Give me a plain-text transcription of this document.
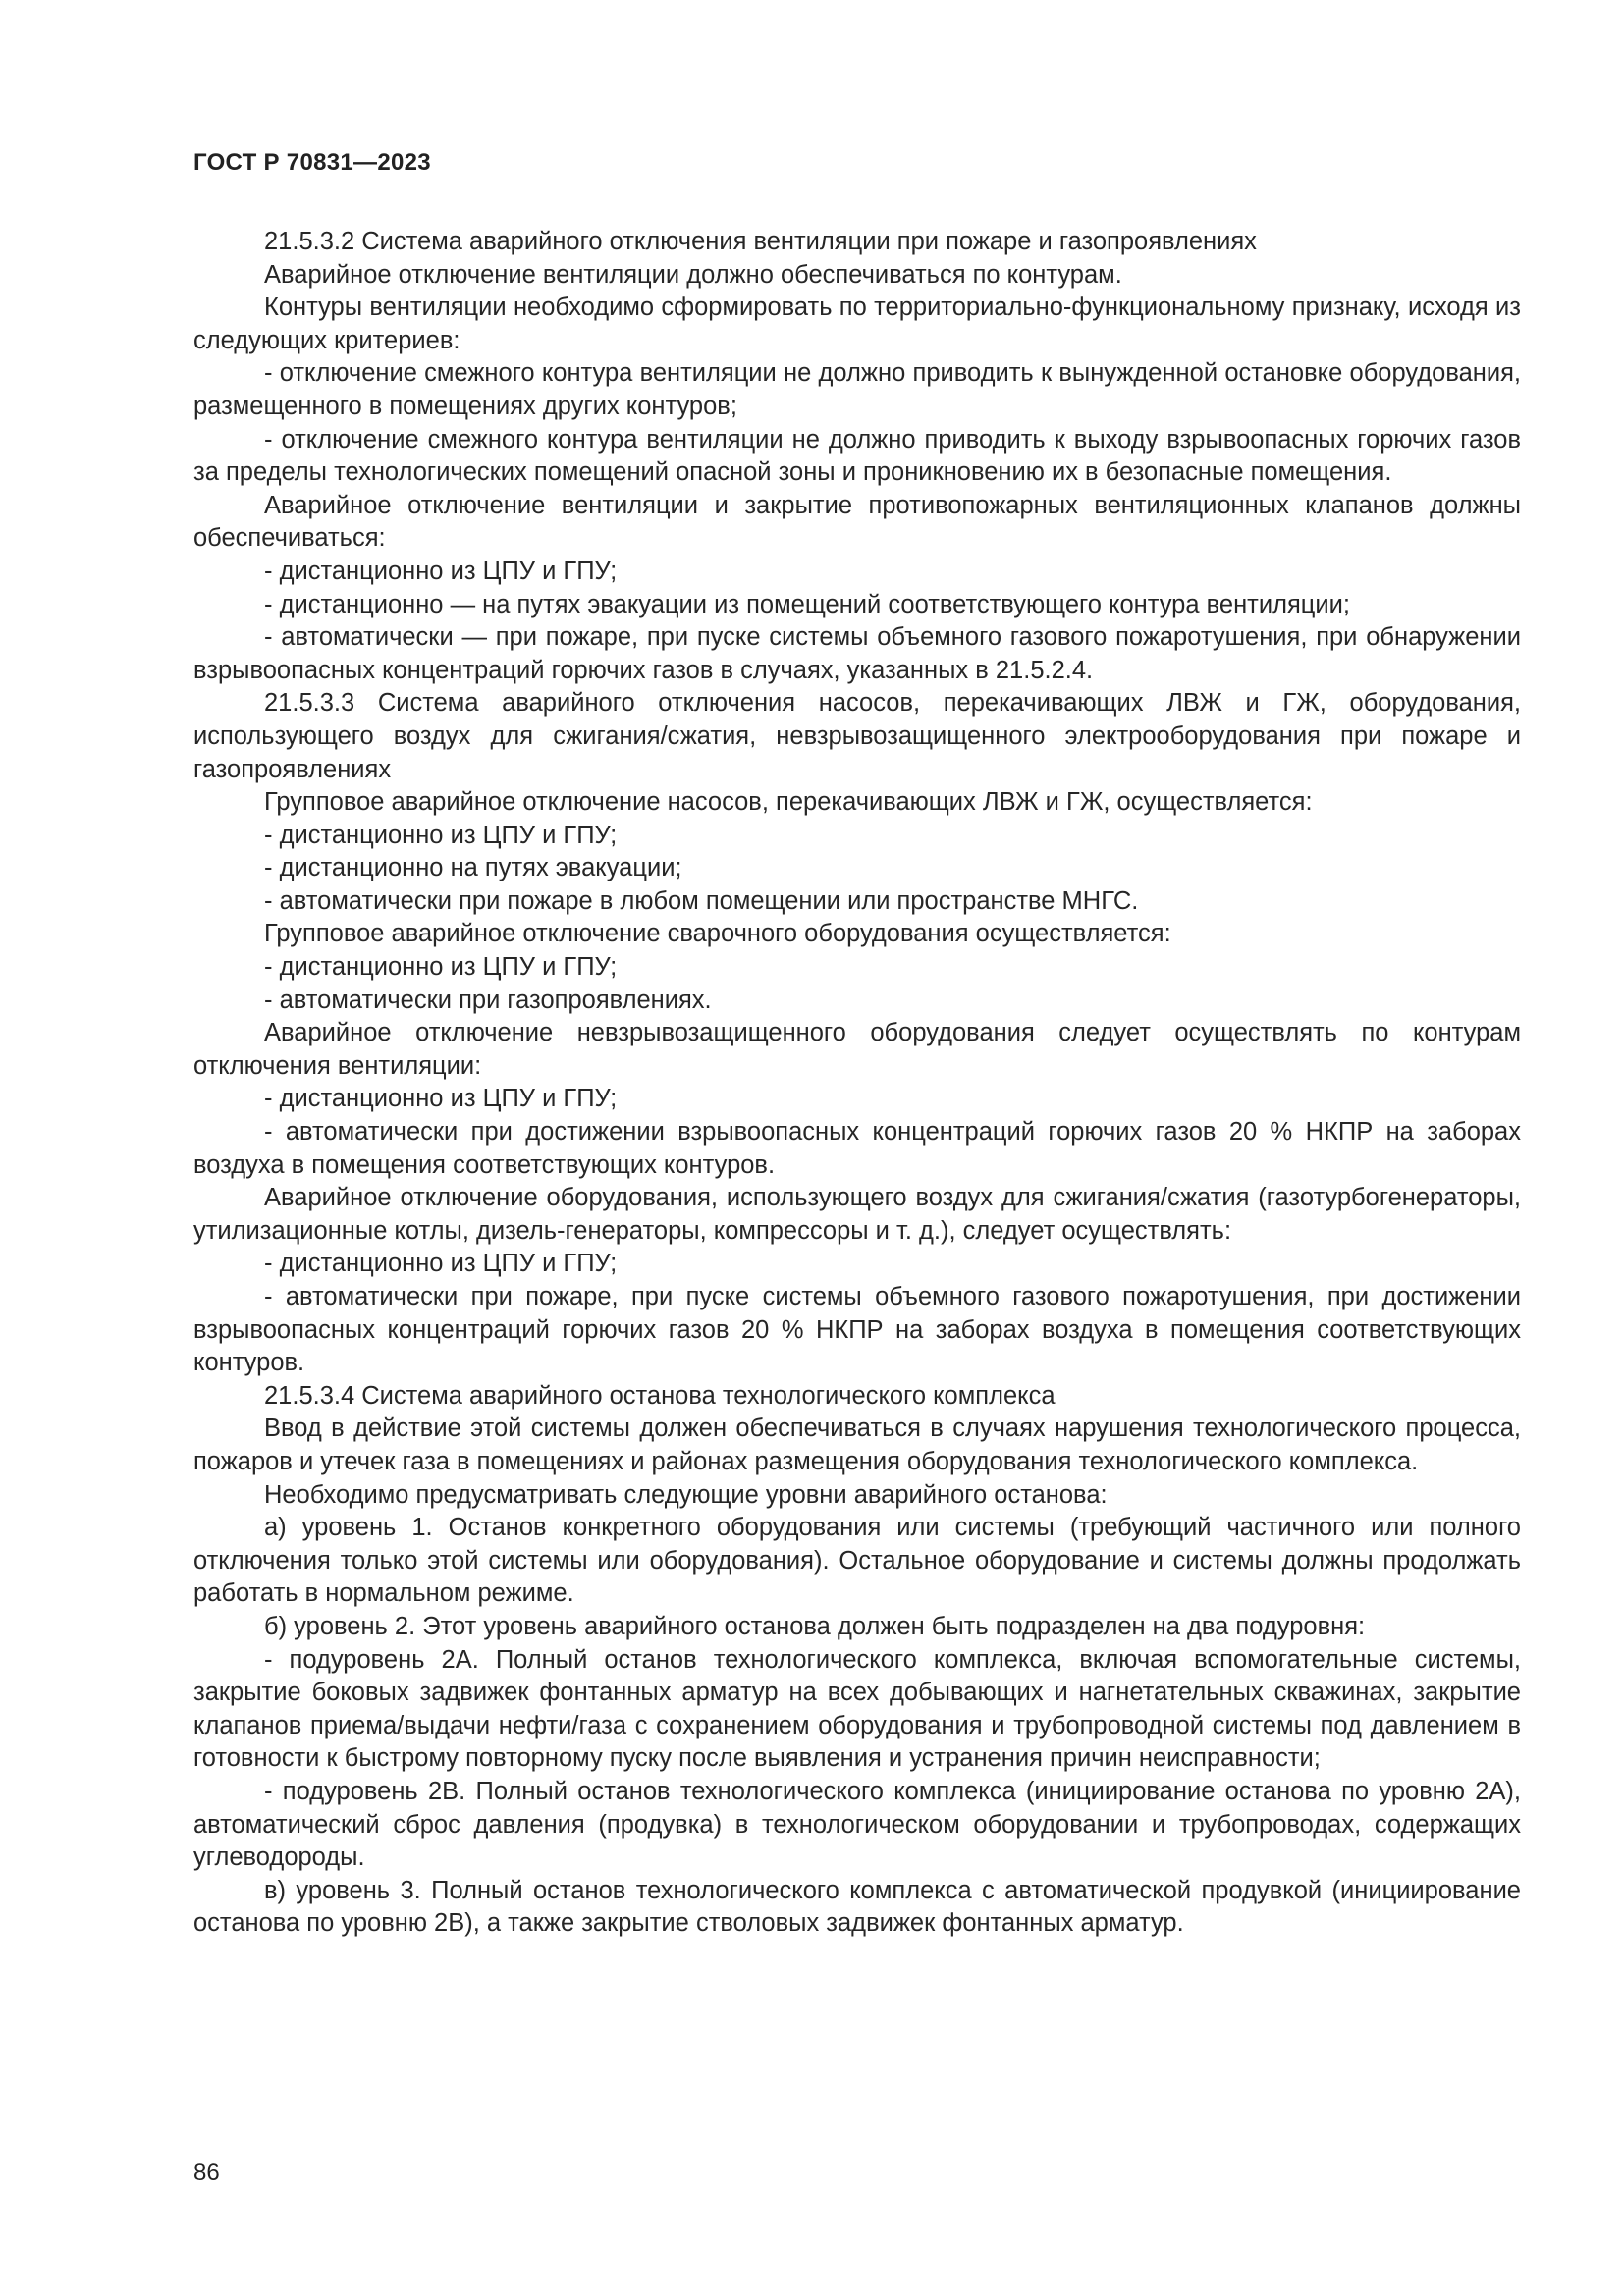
ГОСТ Р 70831—2023

21.5.3.2 Система аварийного отключения вентиляции при пожаре и газопроявлениях

Аварийное отключение вентиляции должно обеспечиваться по контурам.

Контуры вентиляции необходимо сформировать по территориально-функциональному признаку, исходя из следующих критериев:

- отключение смежного контура вентиляции не должно приводить к вынужденной остановке оборудования, размещенного в помещениях других контуров;

- отключение смежного контура вентиляции не должно приводить к выходу взрывоопасных горючих газов за пределы технологических помещений опасной зоны и проникновению их в безопасные помещения.

Аварийное отключение вентиляции и закрытие противопожарных вентиляционных клапанов должны обеспечиваться:

- дистанционно из ЦПУ и ГПУ;

- дистанционно — на путях эвакуации из помещений соответствующего контура вентиляции;

- автоматически — при пожаре, при пуске системы объемного газового пожаротушения, при обнаружении взрывоопасных концентраций горючих газов в случаях, указанных в 21.5.2.4.

21.5.3.3 Система аварийного отключения насосов, перекачивающих ЛВЖ и ГЖ, оборудования, использующего воздух для сжигания/сжатия, невзрывозащищенного электрооборудования при пожаре и газопроявлениях

Групповое аварийное отключение насосов, перекачивающих ЛВЖ и ГЖ, осуществляется:

- дистанционно из ЦПУ и ГПУ;

- дистанционно на путях эвакуации;

- автоматически при пожаре в любом помещении или пространстве МНГС.

Групповое аварийное отключение сварочного оборудования осуществляется:

- дистанционно из ЦПУ и ГПУ;

- автоматически при газопроявлениях.

Аварийное отключение невзрывозащищенного оборудования следует осуществлять по контурам отключения вентиляции:

- дистанционно из ЦПУ и ГПУ;

- автоматически при достижении взрывоопасных концентраций горючих газов 20 % НКПР на заборах воздуха в помещения соответствующих контуров.

Аварийное отключение оборудования, использующего воздух для сжигания/сжатия (газотурбогенераторы, утилизационные котлы, дизель-генераторы, компрессоры и т. д.), следует осуществлять:

- дистанционно из ЦПУ и ГПУ;

- автоматически при пожаре, при пуске системы объемного газового пожаротушения, при достижении взрывоопасных концентраций горючих газов 20 % НКПР на заборах воздуха в помещения соответствующих контуров.

21.5.3.4 Система аварийного останова технологического комплекса

Ввод в действие этой системы должен обеспечиваться в случаях нарушения технологического процесса, пожаров и утечек газа в помещениях и районах размещения оборудования технологического комплекса.

Необходимо предусматривать следующие уровни аварийного останова:

а) уровень 1. Останов конкретного оборудования или системы (требующий частичного или полного отключения только этой системы или оборудования). Остальное оборудование и системы должны продолжать работать в нормальном режиме.

б) уровень 2. Этот уровень аварийного останова должен быть подразделен на два подуровня:

- подуровень 2А. Полный останов технологического комплекса, включая вспомогательные системы, закрытие боковых задвижек фонтанных арматур на всех добывающих и нагнетательных скважинах, закрытие клапанов приема/выдачи нефти/газа с сохранением оборудования и трубопроводной системы под давлением в готовности к быстрому повторному пуску после выявления и устранения причин неисправности;

- подуровень 2В. Полный останов технологического комплекса (инициирование останова по уровню 2А), автоматический сброс давления (продувка) в технологическом оборудовании и трубопроводах, содержащих углеводороды.

в) уровень 3. Полный останов технологического комплекса с автоматической продувкой (инициирование останова по уровню 2В), а также закрытие стволовых задвижек фонтанных арматур.

86
